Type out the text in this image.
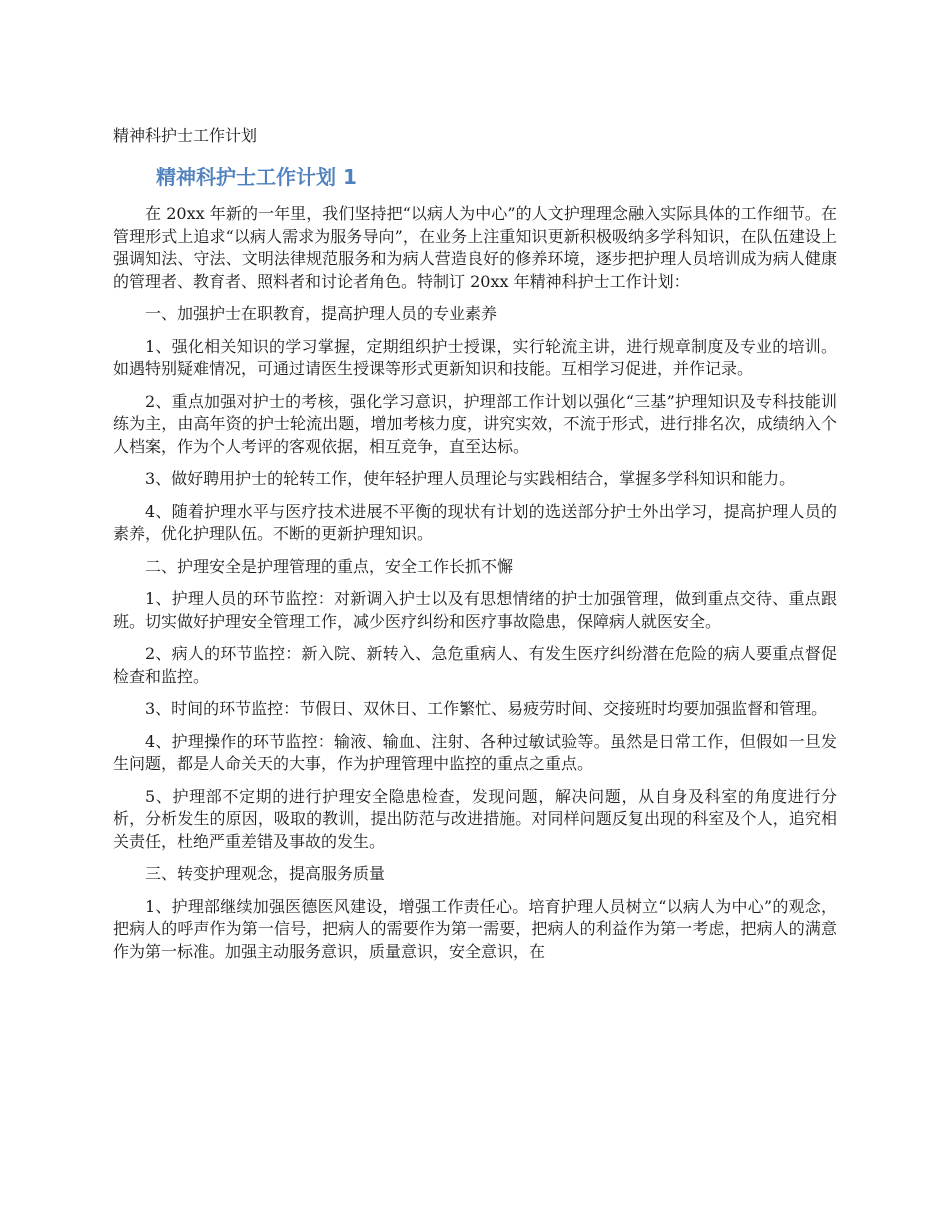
精神科护士工作计划

精神科护士工作计划 1

在 20xx 年新的一年里，我们坚持把“以病人为中心”的人文护理理念融入实际具体的工作细节。在管理形式上追求“以病人需求为服务导向”，在业务上注重知识更新积极吸纳多学科知识，在队伍建设上强调知法、守法、文明法律规范服务和为病人营造良好的修养环境，逐步把护理人员培训成为病人健康的管理者、教育者、照料者和讨论者角色。特制订 20xx 年精神科护士工作计划：

一、加强护士在职教育，提高护理人员的专业素养

1、强化相关知识的学习掌握，定期组织护士授课，实行轮流主讲，进行规章制度及专业的培训。如遇特别疑难情况，可通过请医生授课等形式更新知识和技能。互相学习促进，并作记录。

2、重点加强对护士的考核，强化学习意识，护理部工作计划以强化“三基”护理知识及专科技能训练为主，由高年资的护士轮流出题，增加考核力度，讲究实效，不流于形式，进行排名次，成绩纳入个人档案，作为个人考评的客观依据，相互竞争，直至达标。

3、做好聘用护士的轮转工作，使年轻护理人员理论与实践相结合，掌握多学科知识和能力。

4、随着护理水平与医疗技术进展不平衡的现状有计划的选送部分护士外出学习，提高护理人员的素养，优化护理队伍。不断的更新护理知识。

二、护理安全是护理管理的重点，安全工作长抓不懈

1、护理人员的环节监控：对新调入护士以及有思想情绪的护士加强管理，做到重点交待、重点跟班。切实做好护理安全管理工作，减少医疗纠纷和医疗事故隐患，保障病人就医安全。

2、病人的环节监控：新入院、新转入、急危重病人、有发生医疗纠纷潜在危险的病人要重点督促检查和监控。

3、时间的环节监控：节假日、双休日、工作繁忙、易疲劳时间、交接班时均要加强监督和管理。

4、护理操作的环节监控：输液、输血、注射、各种过敏试验等。虽然是日常工作，但假如一旦发生问题，都是人命关天的大事，作为护理管理中监控的重点之重点。

5、护理部不定期的进行护理安全隐患检查，发现问题，解决问题，从自身及科室的角度进行分析，分析发生的原因，吸取的教训，提出防范与改进措施。对同样问题反复出现的科室及个人，追究相关责任，杜绝严重差错及事故的发生。

三、转变护理观念，提高服务质量

1、护理部继续加强医德医风建设，增强工作责任心。培育护理人员树立“以病人为中心”的观念，把病人的呼声作为第一信号，把病人的需要作为第一需要，把病人的利益作为第一考虑，把病人的满意作为第一标准。加强主动服务意识，质量意识，安全意识，在
